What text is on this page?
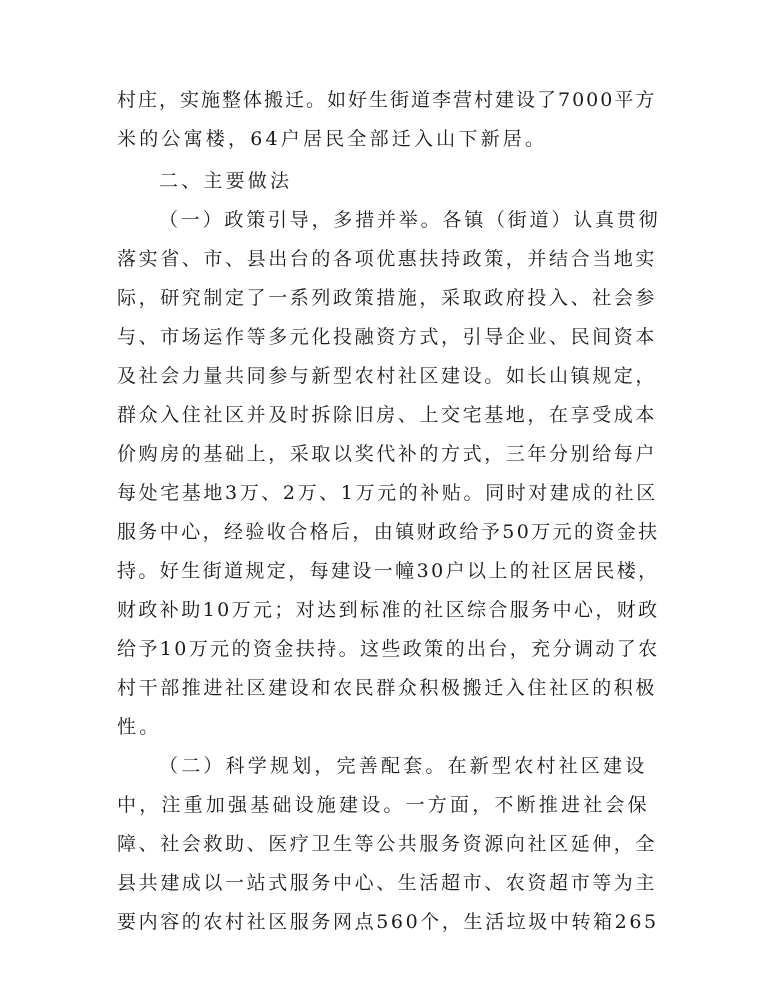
村庄，实施整体搬迁。如好生街道李营村建设了7000平方
米的公寓楼，64户居民全部迁入山下新居。
二、主要做法
（一）政策引导，多措并举。各镇（街道）认真贯彻
落实省、市、县出台的各项优惠扶持政策，并结合当地实
际，研究制定了一系列政策措施，采取政府投入、社会参
与、市场运作等多元化投融资方式，引导企业、民间资本
及社会力量共同参与新型农村社区建设。如长山镇规定，
群众入住社区并及时拆除旧房、上交宅基地，在享受成本
价购房的基础上，采取以奖代补的方式，三年分别给每户
每处宅基地3万、2万、1万元的补贴。同时对建成的社区
服务中心，经验收合格后，由镇财政给予50万元的资金扶
持。好生街道规定，每建设一幢30户以上的社区居民楼，
财政补助10万元；对达到标准的社区综合服务中心，财政
给予10万元的资金扶持。这些政策的出台，充分调动了农
村干部推进社区建设和农民群众积极搬迁入住社区的积极
性。
（二）科学规划，完善配套。在新型农村社区建设
中，注重加强基础设施建设。一方面，不断推进社会保
障、社会救助、医疗卫生等公共服务资源向社区延伸，全
县共建成以一站式服务中心、生活超市、农资超市等为主
要内容的农村社区服务网点560个，生活垃圾中转箱265
